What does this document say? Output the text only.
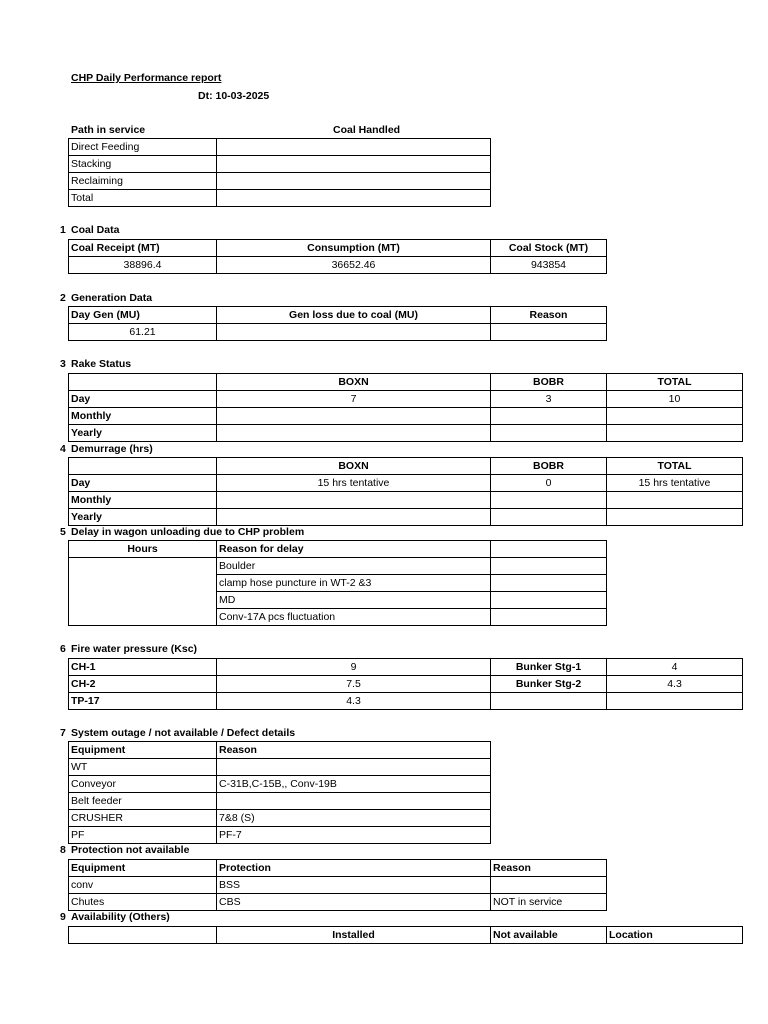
CHP Daily Performance report
Dt: 10-03-2025
Path in service	Coal Handled
Direct Feeding	
Stacking	
Reclaiming	
Total	
1 Coal Data
Coal Receipt (MT)	Consumption (MT)	Coal Stock (MT)
38896.4	36652.46	943854
2 Generation Data
Day Gen (MU)	Gen loss due to coal (MU)	Reason
61.21		
3 Rake Status
	BOXN	BOBR	TOTAL
Day	7	3	10
Monthly			
Yearly			
4 Demurrage (hrs)
	BOXN	BOBR	TOTAL
Day	15 hrs tentative	0	15 hrs tentative
Monthly			
Yearly			
5 Delay in wagon unloading due to CHP problem
Hours	Reason for delay	
	Boulder	
	clamp hose puncture in WT-2 &3	
	MD	
	Conv-17A pcs fluctuation	
6 Fire water pressure (Ksc)
CH-1	9	Bunker Stg-1	4
CH-2	7.5	Bunker Stg-2	4.3
TP-17	4.3		
7 System outage / not available / Defect details
Equipment	Reason
WT	
Conveyor	C-31B,C-15B,, Conv-19B
Belt feeder	
CRUSHER	7&8 (S)
PF	PF-7
8 Protection not available
Equipment	Protection	Reason
conv	BSS	
Chutes	CBS	NOT in service
9 Availability (Others)
	Installed	Not available	Location
